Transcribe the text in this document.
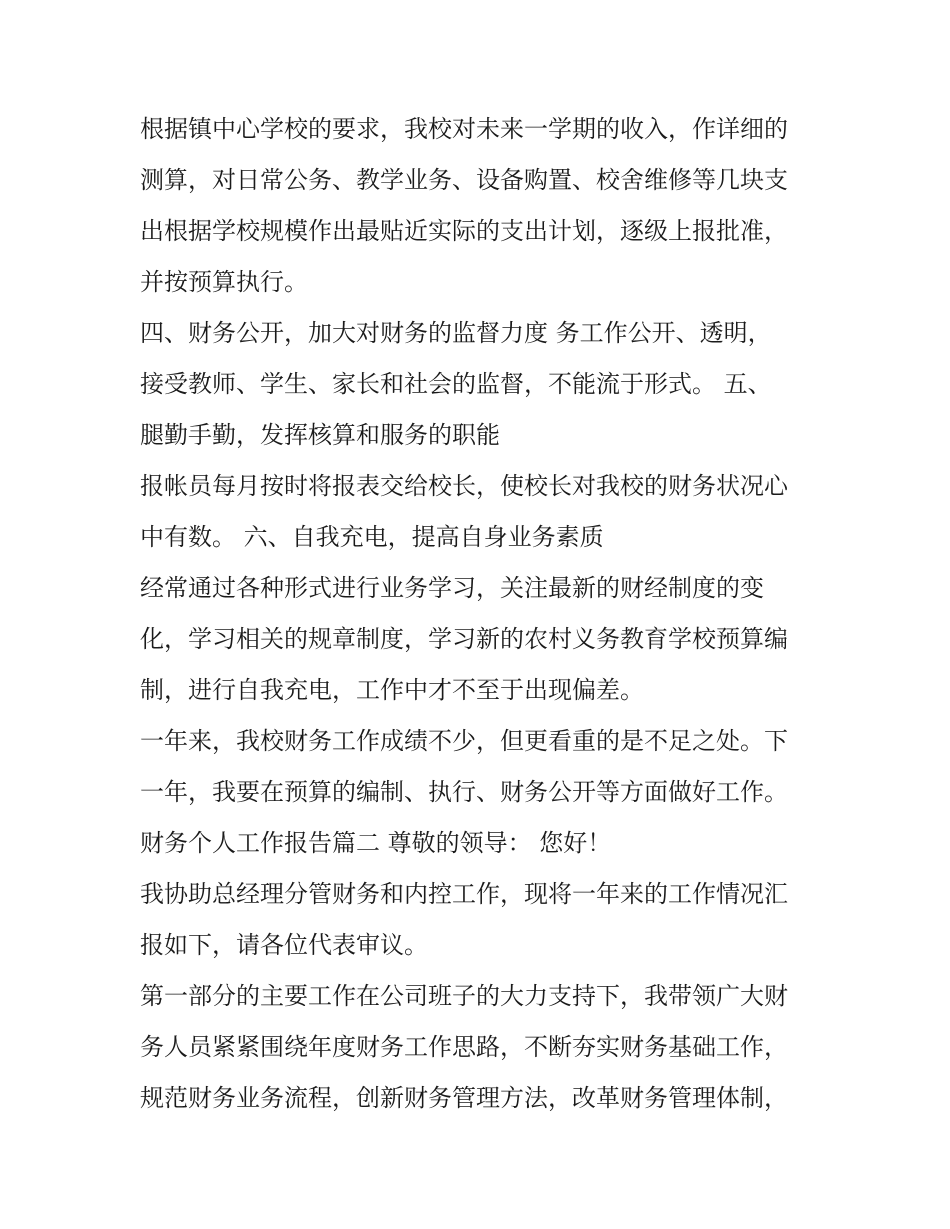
根据镇中心学校的要求，我校对未来一学期的收入，作详细的
测算，对日常公务、教学业务、设备购置、校舍维修等几块支
出根据学校规模作出最贴近实际的支出计划，逐级上报批准，
并按预算执行。
四、财务公开，加大对财务的监督力度 务工作公开、透明，
接受教师、学生、家长和社会的监督，不能流于形式。 五、
腿勤手勤，发挥核算和服务的职能
报帐员每月按时将报表交给校长，使校长对我校的财务状况心
中有数。 六、自我充电，提高自身业务素质
经常通过各种形式进行业务学习，关注最新的财经制度的变
化，学习相关的规章制度，学习新的农村义务教育学校预算编
制，进行自我充电，工作中才不至于出现偏差。
一年来，我校财务工作成绩不少，但更看重的是不足之处。下
一年，我要在预算的编制、执行、财务公开等方面做好工作。
财务个人工作报告篇二 尊敬的领导： 您好！
我协助总经理分管财务和内控工作，现将一年来的工作情况汇
报如下，请各位代表审议。
第一部分的主要工作在公司班子的大力支持下，我带领广大财
务人员紧紧围绕年度财务工作思路，不断夯实财务基础工作，
规范财务业务流程，创新财务管理方法，改革财务管理体制，
